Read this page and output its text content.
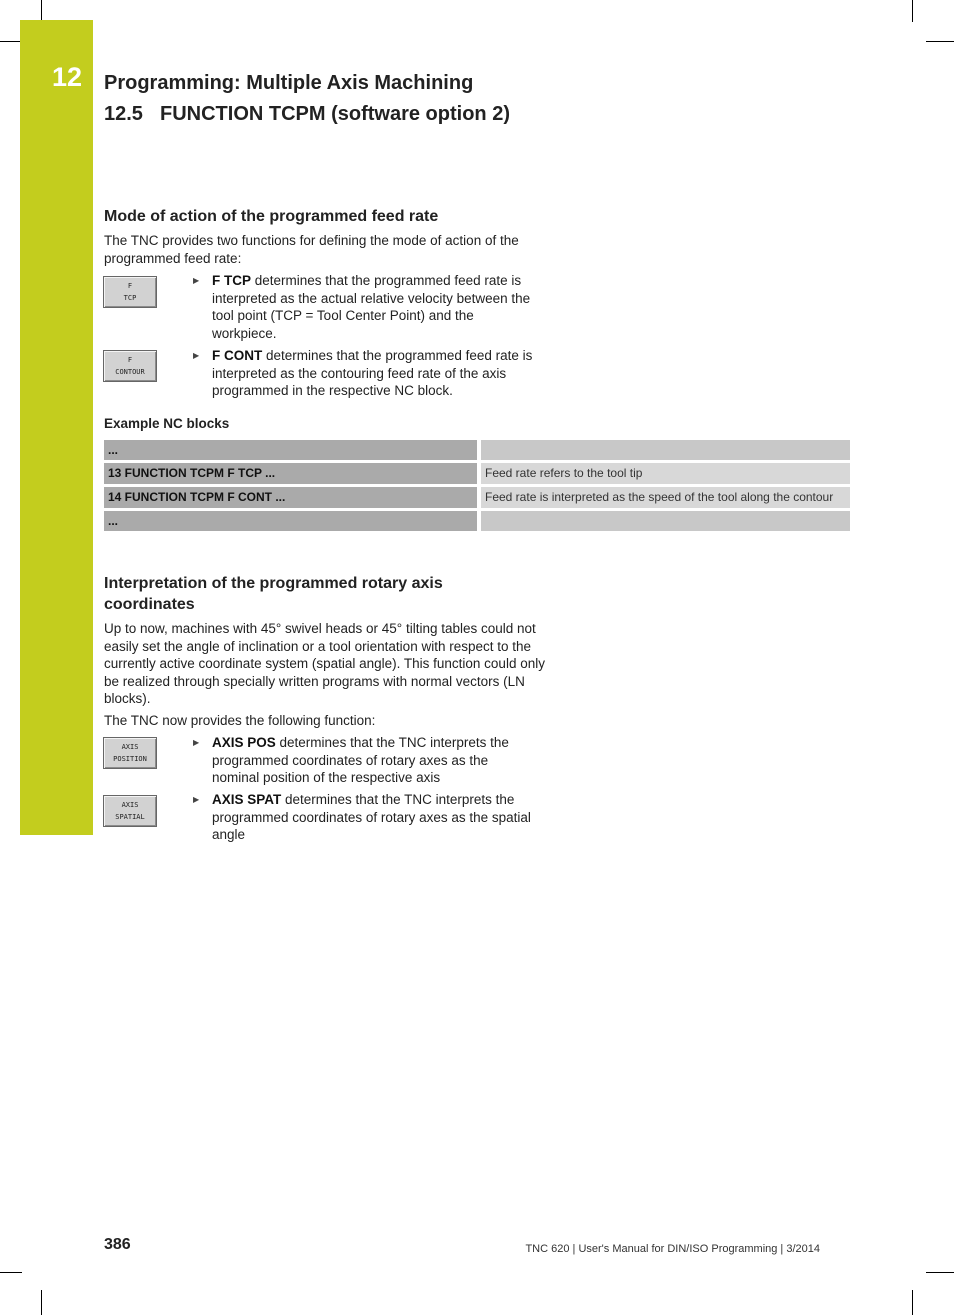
12 Programming: Multiple Axis Machining
12.5 FUNCTION TCPM (software option 2)
Mode of action of the programmed feed rate

The TNC provides two functions for defining the mode of action of the programmed feed rate:

F
TCP
▶ F TCP determines that the programmed feed rate is interpreted as the actual relative velocity between the tool point (TCP = Tool Center Point) and the workpiece.

F
CONTOUR
▶ F CONT determines that the programmed feed rate is interpreted as the contouring feed rate of the axis programmed in the respective NC block.

Example NC blocks

...	
13 FUNCTION TCPM F TCP ...	Feed rate refers to the tool tip
14 FUNCTION TCPM F CONT ...	Feed rate is interpreted as the speed of the tool along the contour
...	
Interpretation of the programmed rotary axis coordinates

Up to now, machines with 45° swivel heads or 45° tilting tables could not easily set the angle of inclination or a tool orientation with respect to the currently active coordinate system (spatial angle). This function could only be realized through specially written programs with normal vectors (LN blocks).

The TNC now provides the following function:

AXIS
POSITION
▶ AXIS POS determines that the TNC interprets the programmed coordinates of rotary axes as the nominal position of the respective axis

AXIS
SPATIAL
▶ AXIS SPAT determines that the TNC interprets the programmed coordinates of rotary axes as the spatial angle

386	TNC 620 | User's Manual for DIN/ISO Programming | 3/2014
